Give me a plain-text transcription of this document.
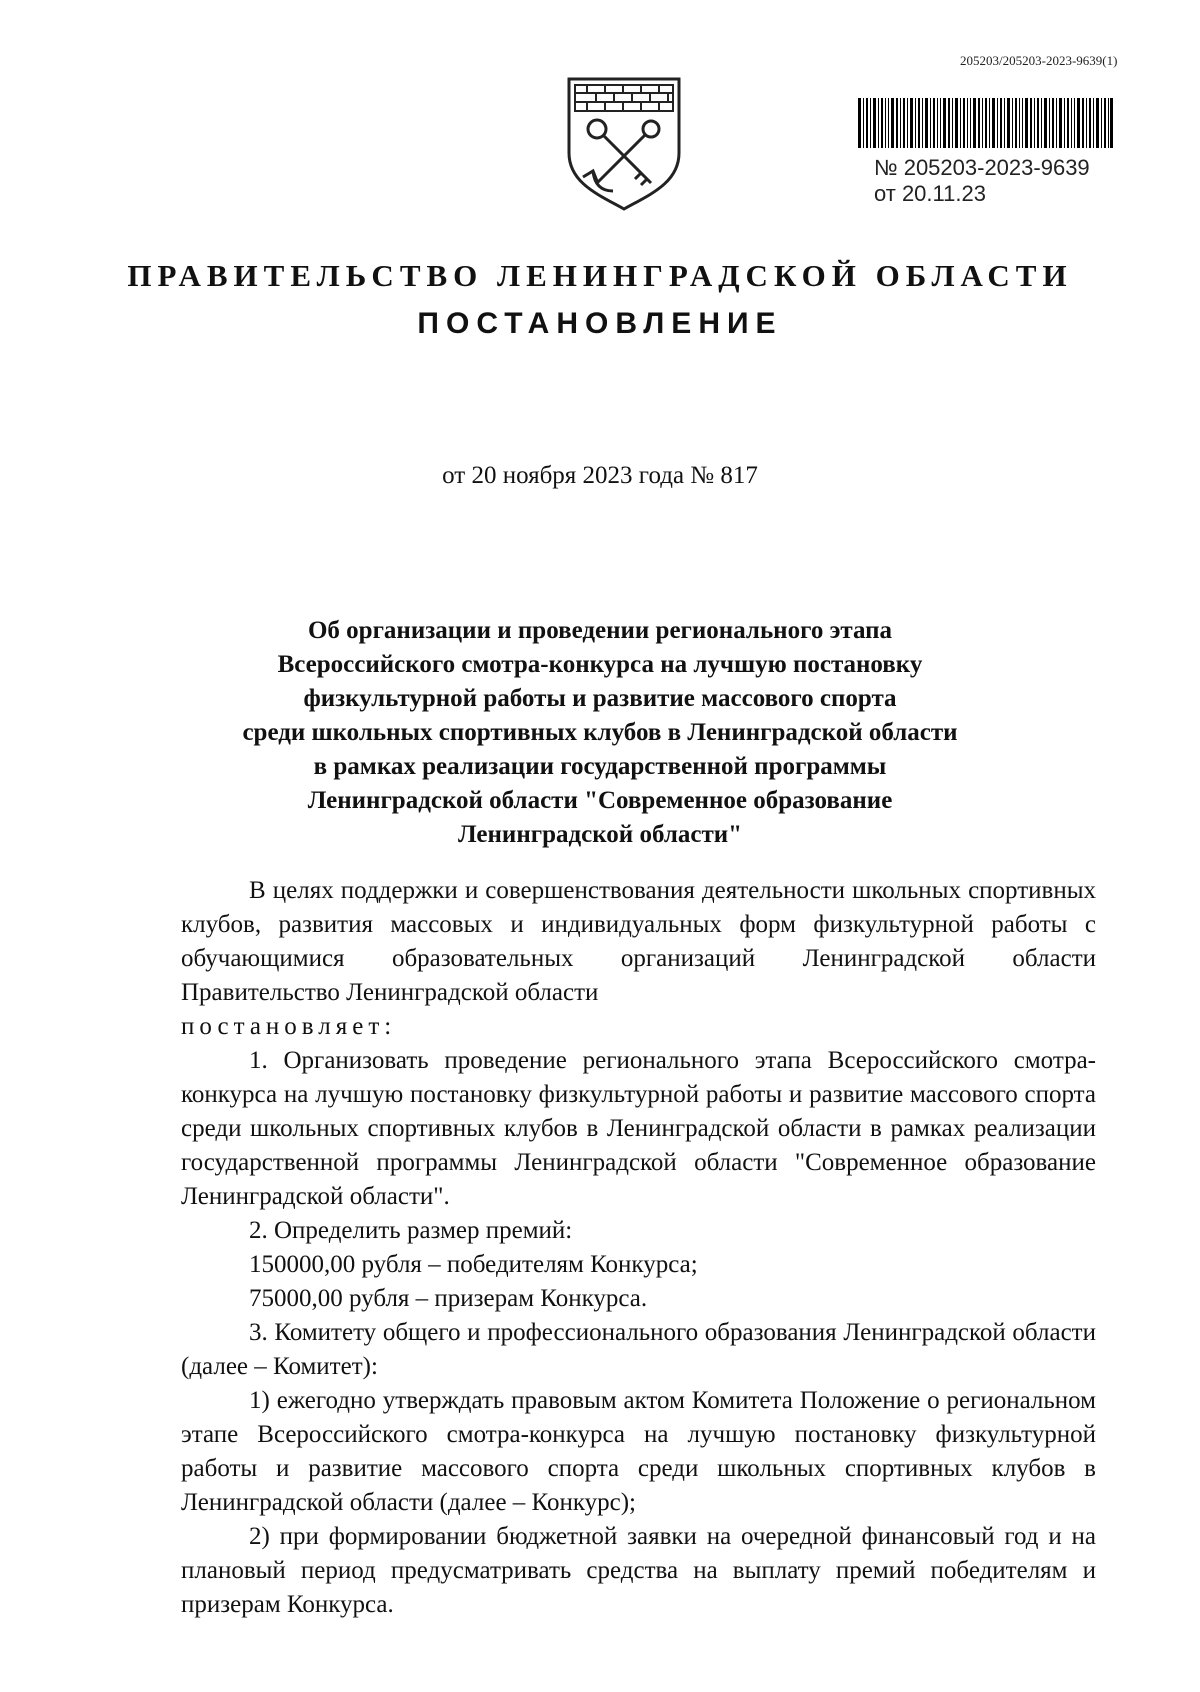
205203/205203-2023-9639(1)
№ 205203-2023-9639
от 20.11.23
ПРАВИТЕЛЬСТВО ЛЕНИНГРАДСКОЙ ОБЛАСТИ
ПОСТАНОВЛЕНИЕ
от 20 ноября 2023 года № 817
Об организации и проведении регионального этапа
Всероссийского смотра-конкурса на лучшую постановку
физкультурной работы и развитие массового спорта
среди школьных спортивных клубов в Ленинградской области
в рамках реализации государственной программы
Ленинградской области "Современное образование
Ленинградской области"
В целях поддержки и совершенствования деятельности школьных спортивных клубов, развития массовых и индивидуальных форм физкультурной работы с обучающимися образовательных организаций Ленинградской области Правительство Ленинградской области
постановляет:
1. Организовать проведение регионального этапа Всероссийского смотра-конкурса на лучшую постановку физкультурной работы и развитие массового спорта среди школьных спортивных клубов в Ленинградской области в рамках реализации государственной программы Ленинградской области "Современное образование Ленинградской области".
2. Определить размер премий:
150000,00 рубля – победителям Конкурса;
75000,00 рубля – призерам Конкурса.
3. Комитету общего и профессионального образования Ленинградской области (далее – Комитет):
1) ежегодно утверждать правовым актом Комитета Положение о региональном этапе Всероссийского смотра-конкурса на лучшую постановку физкультурной работы и развитие массового спорта среди школьных спортивных клубов в Ленинградской области (далее – Конкурс);
2) при формировании бюджетной заявки на очередной финансовый год и на плановый период предусматривать средства на выплату премий победителям и призерам Конкурса.
